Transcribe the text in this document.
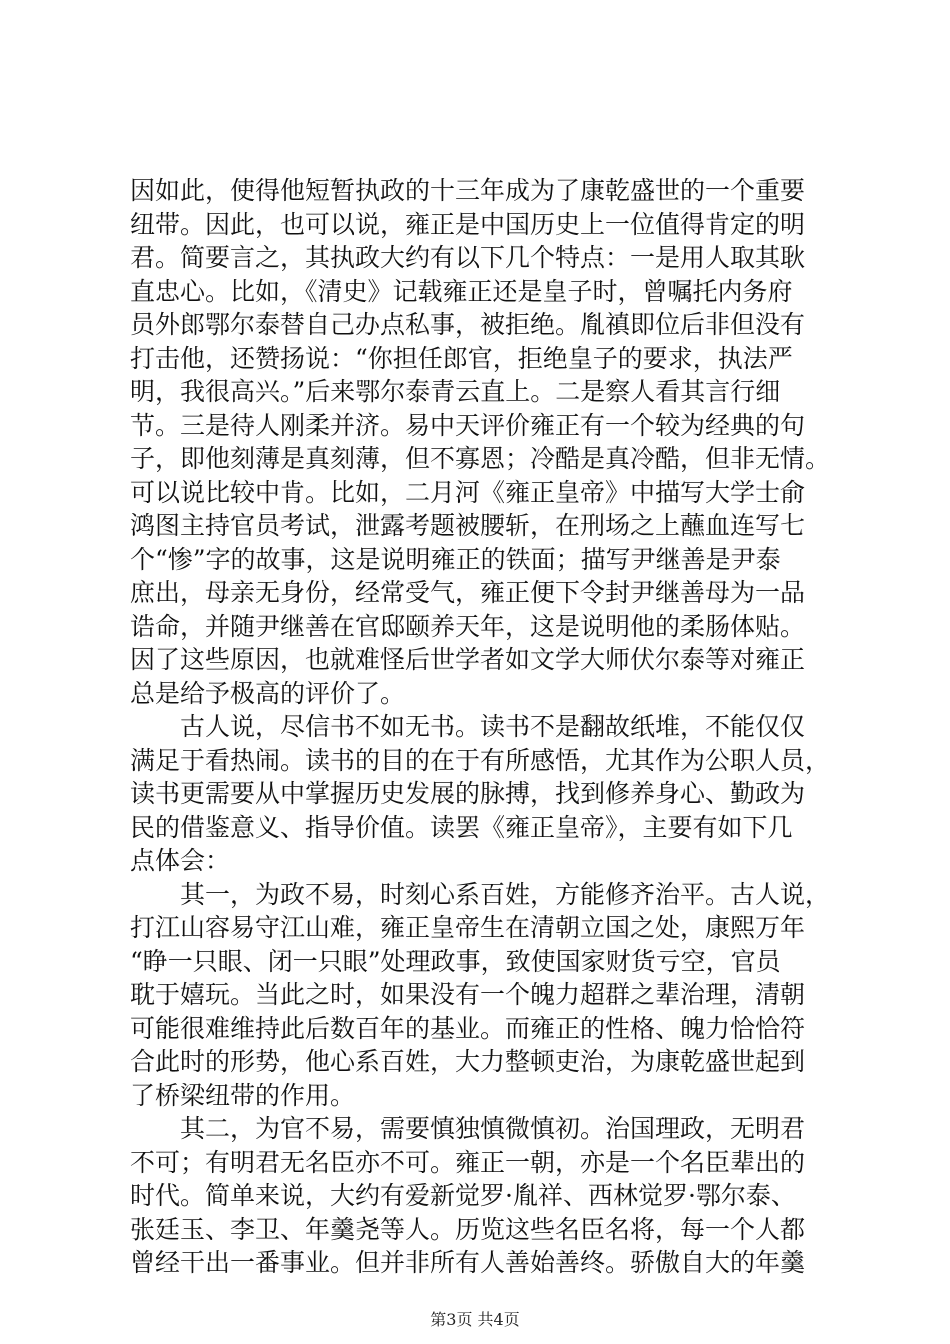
因如此，使得他短暂执政的十三年成为了康乾盛世的一个重要
纽带。因此，也可以说，雍正是中国历史上一位值得肯定的明
君。简要言之，其执政大约有以下几个特点：一是用人取其耿
直忠心。比如，《清史》记载雍正还是皇子时，曾嘱托内务府
员外郎鄂尔泰替自己办点私事，被拒绝。胤禛即位后非但没有
打击他，还赞扬说：“你担任郎官，拒绝皇子的要求，执法严
明，我很高兴。”后来鄂尔泰青云直上。二是察人看其言行细
节。三是待人刚柔并济。易中天评价雍正有一个较为经典的句
子，即他刻薄是真刻薄，但不寡恩；冷酷是真冷酷，但非无情。
可以说比较中肯。比如，二月河《雍正皇帝》中描写大学士俞
鸿图主持官员考试，泄露考题被腰斩，在刑场之上蘸血连写七
个“惨”字的故事，这是说明雍正的铁面；描写尹继善是尹泰
庶出，母亲无身份，经常受气，雍正便下令封尹继善母为一品
诰命，并随尹继善在官邸颐养天年，这是说明他的柔肠体贴。
因了这些原因，也就难怪后世学者如文学大师伏尔泰等对雍正
总是给予极高的评价了。
　　古人说，尽信书不如无书。读书不是翻故纸堆，不能仅仅
满足于看热闹。读书的目的在于有所感悟，尤其作为公职人员，
读书更需要从中掌握历史发展的脉搏，找到修养身心、勤政为
民的借鉴意义、指导价值。读罢《雍正皇帝》，主要有如下几
点体会：
　　其一，为政不易，时刻心系百姓，方能修齐治平。古人说，
打江山容易守江山难，雍正皇帝生在清朝立国之处，康熙万年
“睁一只眼、闭一只眼”处理政事，致使国家财货亏空，官员
耽于嬉玩。当此之时，如果没有一个魄力超群之辈治理，清朝
可能很难维持此后数百年的基业。而雍正的性格、魄力恰恰符
合此时的形势，他心系百姓，大力整顿吏治，为康乾盛世起到
了桥梁纽带的作用。
　　其二，为官不易，需要慎独慎微慎初。治国理政，无明君
不可；有明君无名臣亦不可。雍正一朝，亦是一个名臣辈出的
时代。简单来说，大约有爱新觉罗·胤祥、西林觉罗·鄂尔泰、
张廷玉、李卫、年羹尧等人。历览这些名臣名将，每一个人都
曾经干出一番事业。但并非所有人善始善终。骄傲自大的年羹
第3页 共4页
